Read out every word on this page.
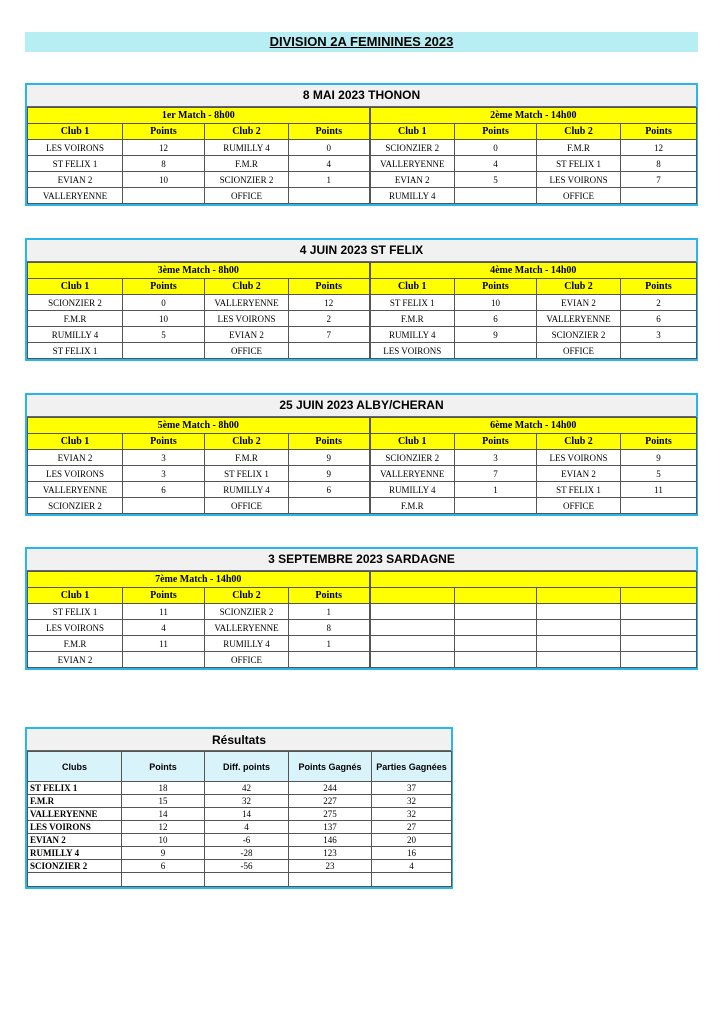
DIVISION 2A FEMININES 2023
8 MAI 2023 THONON
1er Match - 8h00				2ème Match - 14h00			
Club 1	Points	Club 2	Points	Club 1	Points	Club 2	Points
LES VOIRONS	12	RUMILLY 4	0	SCIONZIER 2	0	F.M.R	12
ST FELIX 1	8	F.M.R	4	VALLERYENNE	4	ST FELIX 1	8
EVIAN 2	10	SCIONZIER 2	1	EVIAN 2	5	LES VOIRONS	7
VALLERYENNE		OFFICE		RUMILLY 4		OFFICE	
4 JUIN 2023 ST FELIX
3ème Match - 8h00				4ème Match - 14h00			
Club 1	Points	Club 2	Points	Club 1	Points	Club 2	Points
SCIONZIER 2	0	VALLERYENNE	12	ST FELIX 1	10	EVIAN 2	2
F.M.R	10	LES VOIRONS	2	F.M.R	6	VALLERYENNE	6
RUMILLY 4	5	EVIAN 2	7	RUMILLY 4	9	SCIONZIER 2	3
ST FELIX 1		OFFICE		LES VOIRONS		OFFICE	
25 JUIN 2023 ALBY/CHERAN
5ème Match - 8h00				6ème Match - 14h00			
Club 1	Points	Club 2	Points	Club 1	Points	Club 2	Points
EVIAN 2	3	F.M.R	9	SCIONZIER 2	3	LES VOIRONS	9
LES VOIRONS	3	ST FELIX 1	9	VALLERYENNE	7	EVIAN 2	5
VALLERYENNE	6	RUMILLY 4	6	RUMILLY 4	1	ST FELIX 1	11
SCIONZIER 2		OFFICE		F.M.R		OFFICE	
3 SEPTEMBRE 2023 SARDAGNE
7ème Match - 14h00							
Club 1	Points	Club 2	Points				
ST FELIX 1	11	SCIONZIER 2	1				
LES VOIRONS	4	VALLERYENNE	8				
F.M.R	11	RUMILLY 4	1				
EVIAN 2		OFFICE					
Résultats
Clubs	Points	Diff. points	Points Gagnés	Parties Gagnées
ST FELIX 1	18	42	244	37
F.M.R	15	32	227	32
VALLERYENNE	14	14	275	32
LES VOIRONS	12	4	137	27
EVIAN 2	10	-6	146	20
RUMILLY 4	9	-28	123	16
SCIONZIER 2	6	-56	23	4
